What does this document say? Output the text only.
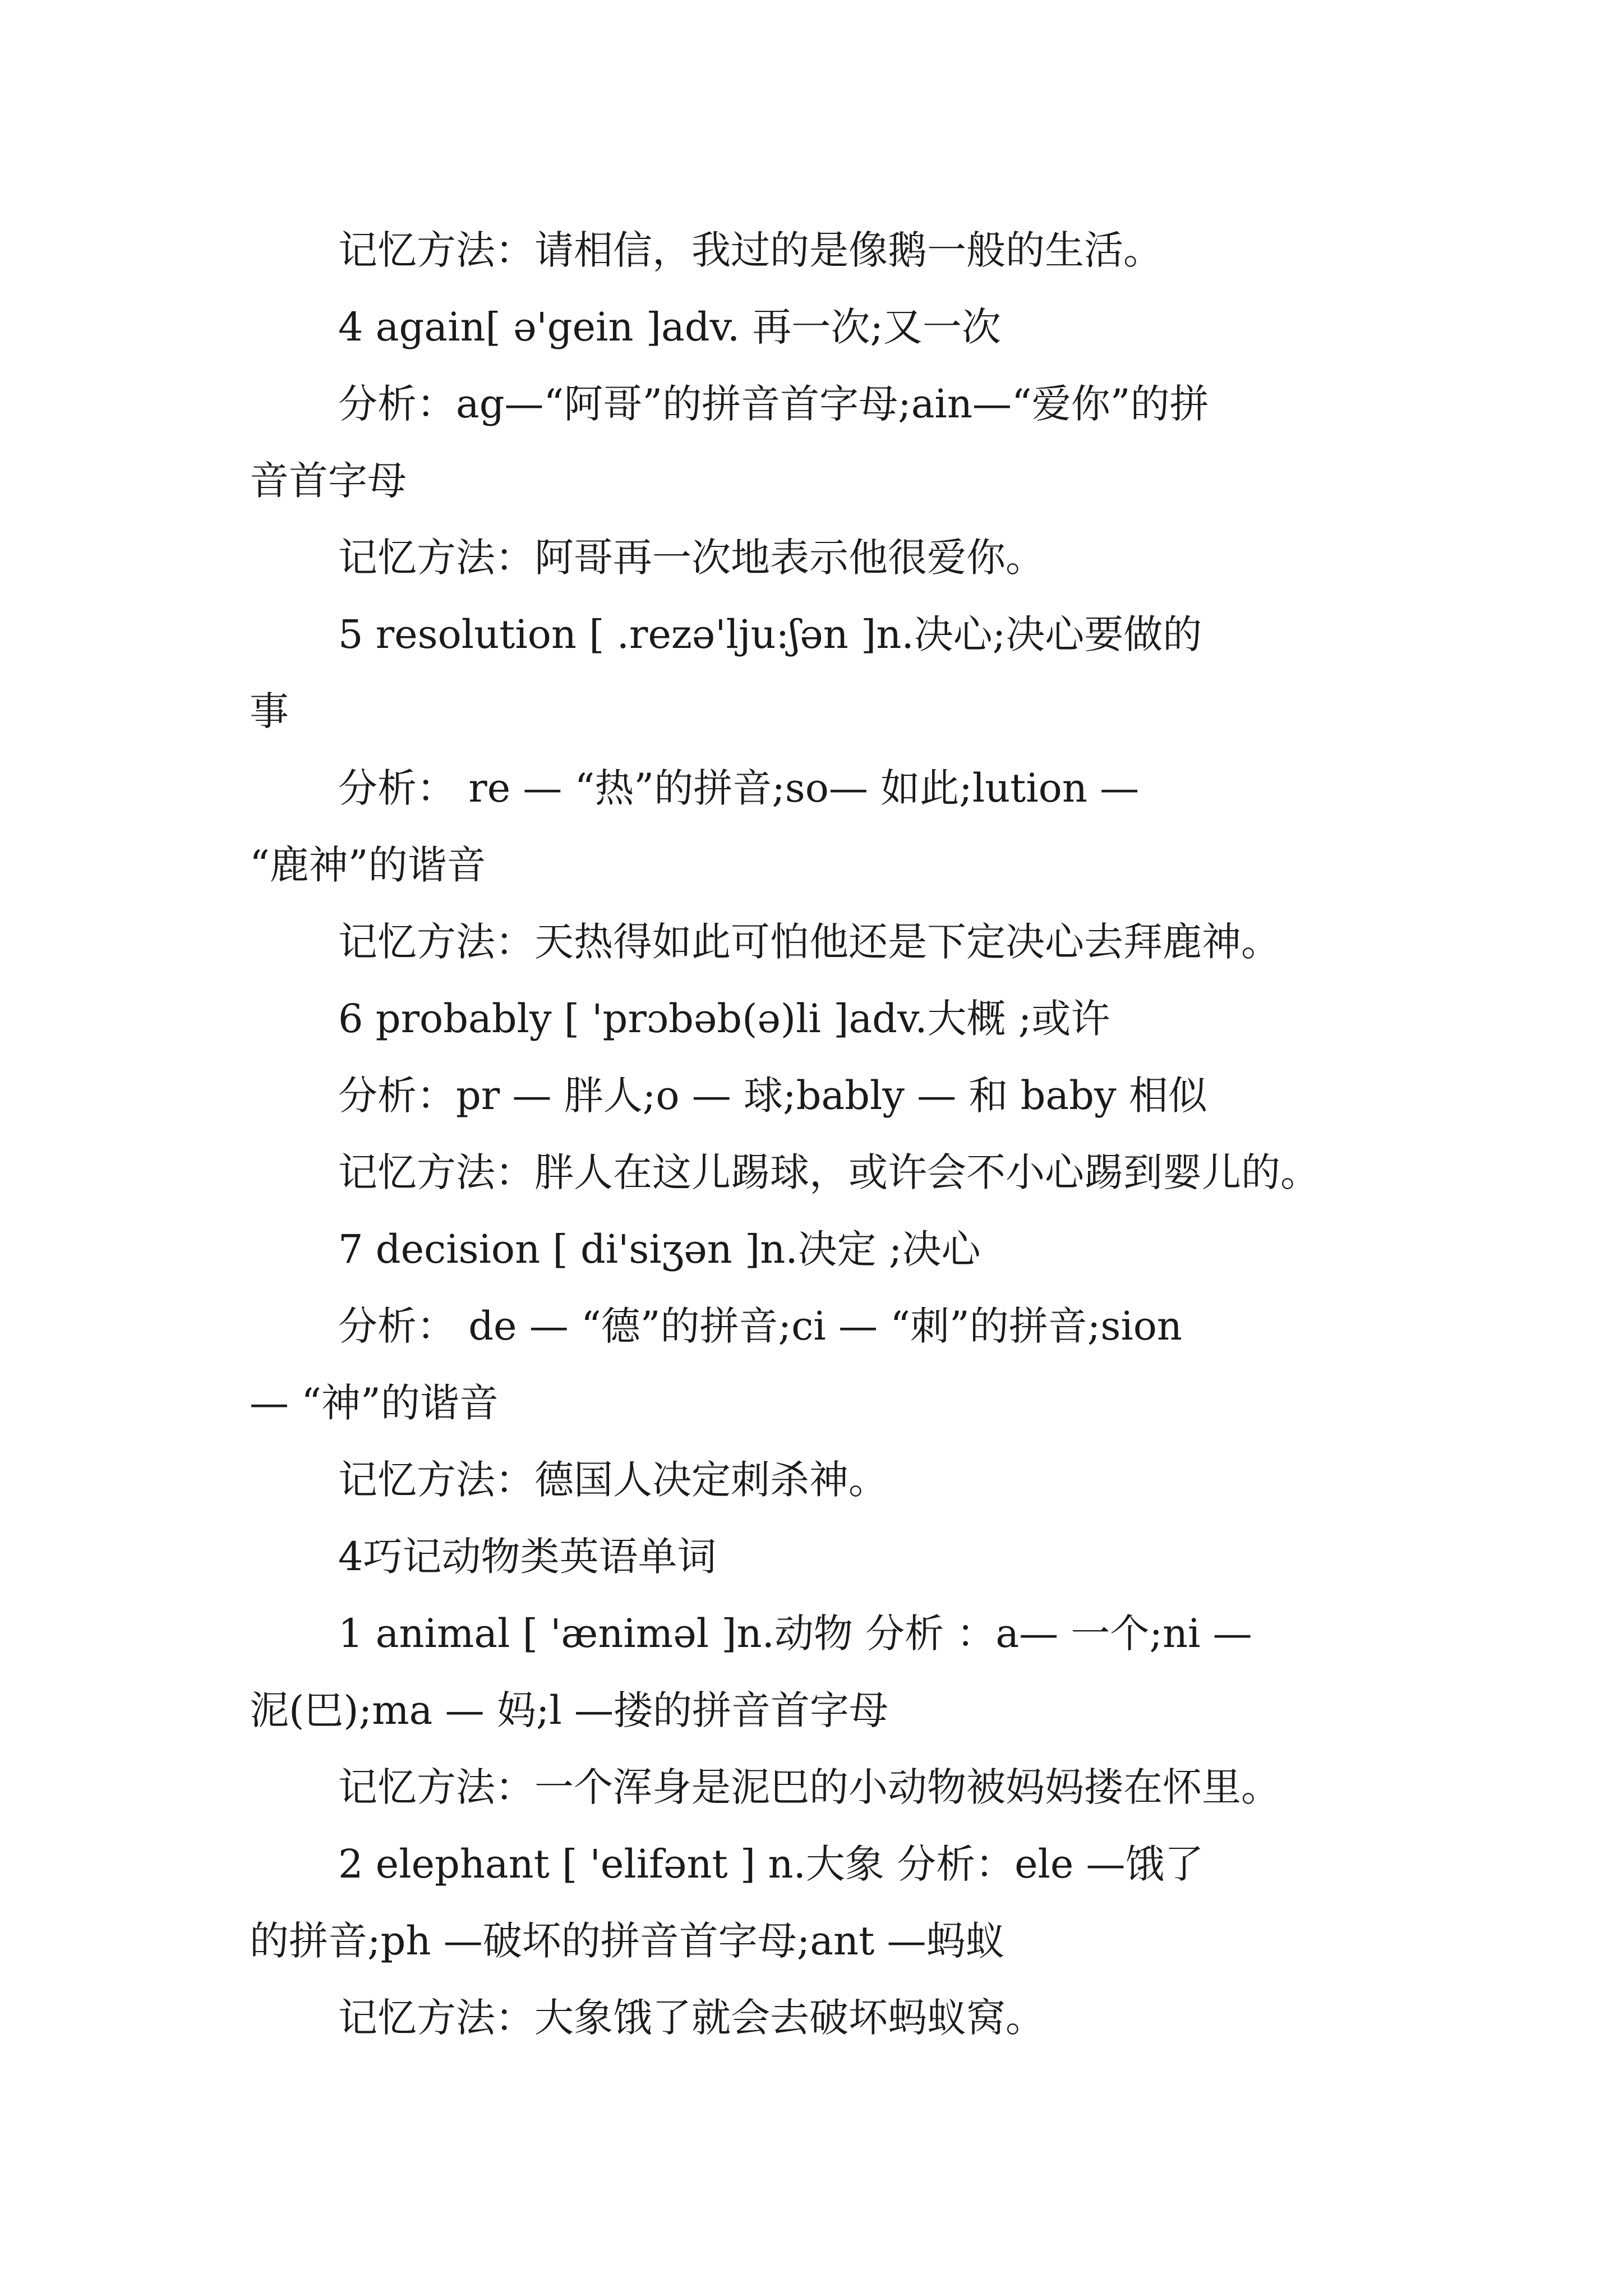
记忆方法：请相信，我过的是像鹅一般的生活。
4 again[ ə'gein ]adv. 再一次;又一次
分析：ag—“阿哥”的拼音首字母;ain—“爱你”的拼
音首字母
记忆方法：阿哥再一次地表示他很爱你。
5 resolution [ .rezə'lju:ʃən ]n.决心;决心要做的
事
分析： re — “热”的拼音;so— 如此;lution —
“鹿神”的谐音
记忆方法：天热得如此可怕他还是下定决心去拜鹿神。
6 probably [ 'prɔbəb(ə)li ]adv.大概 ;或许
分析：pr — 胖人;o — 球;bably — 和 baby 相似
记忆方法：胖人在这儿踢球，或许会不小心踢到婴儿的。
7 decision [ di'siʒən ]n.决定 ;决心
分析： de — “德”的拼音;ci — “刺”的拼音;sion
— “神”的谐音
记忆方法：德国人决定刺杀神。
4巧记动物类英语单词
1 animal [ 'æniməl ]n.动物 分析 ：a— 一个;ni —
泥(巴);ma — 妈;l —搂的拼音首字母
记忆方法：一个浑身是泥巴的小动物被妈妈搂在怀里。
2 elephant [ 'elifənt ] n.大象 分析：ele —饿了
的拼音;ph —破坏的拼音首字母;ant —蚂蚁
记忆方法：大象饿了就会去破坏蚂蚁窝。
